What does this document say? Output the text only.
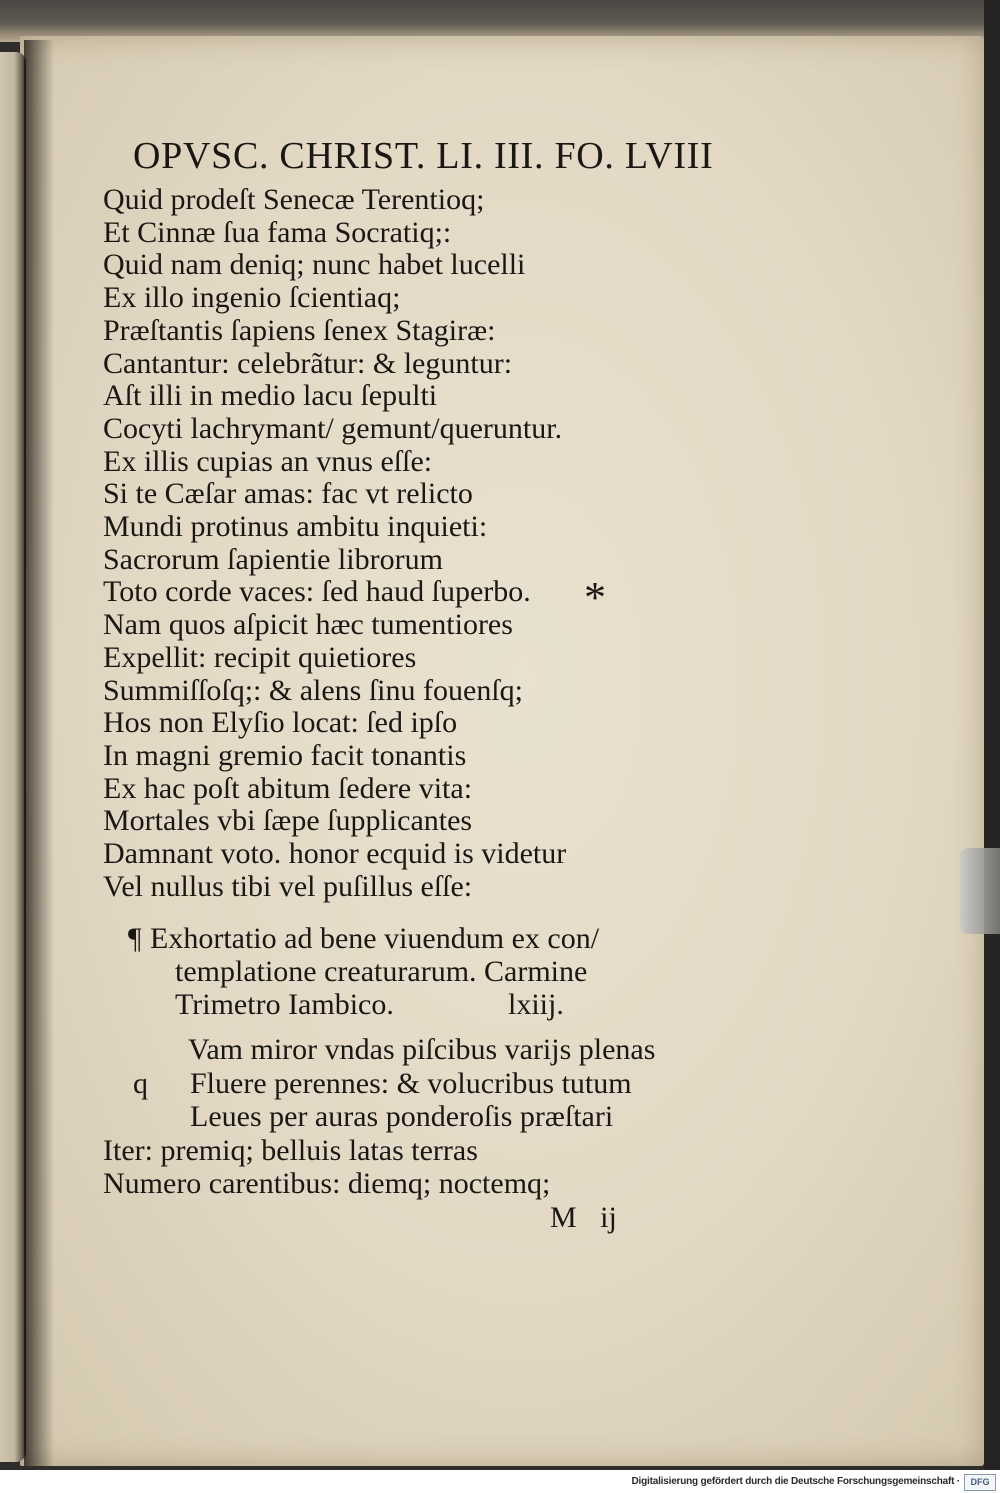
OPVSC. CHRIST. LI. III. FO. LVIII
Quid prodeſt Senecæ Terentioq;
Et Cinnæ ſua fama Socratiq;:
Quid nam deniq; nunc habet lucelli
Ex illo ingenio ſcientiaq;
Præſtantis ſapiens ſenex Stagiræ:
Cantantur: celebrãtur: & leguntur:
Aſt illi in medio lacu ſepulti
Cocyti lachrymant/ gemunt/queruntur.
Ex illis cupias an vnus eſſe:
Si te Cæſar amas: fac vt relicto
Mundi protinus ambitu inquieti:
Sacrorum ſapientie librorum
Toto corde vaces: ſed haud ſuperbo.
Nam quos aſpicit hæc tumentiores
Expellit: recipit quietiores
Summiſſoſq;: & alens ſinu fouenſq;
Hos non Elyſio locat: ſed ipſo
In magni gremio facit tonantis
Ex hac poſt abitum ſedere vita:
Mortales vbi ſæpe ſupplicantes
Damnant voto. honor ecquid is videtur
Vel nullus tibi vel puſillus eſſe:
*
¶ Exhortatio ad bene viuendum ex con/
templatione creaturarum. Carmine
Trimetro Iambico.	lxiij.
Vam miror vndas piſcibus varijs plenas
q Fluere perennes: & volucribus tutum
Leues per auras ponderoſis præſtari
Iter: premiq; belluis latas terras
Numero carentibus: diemq; noctemq;
M ij
Digitalisierung gefördert durch die Deutsche Forschungsgemeinschaft ·	DFG
